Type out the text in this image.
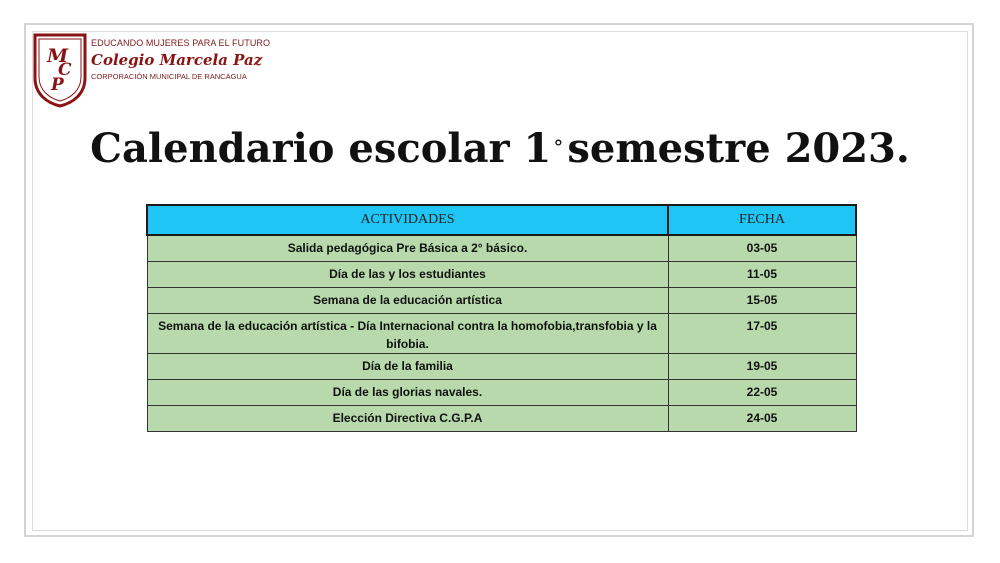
M
C
P
EDUCANDO MUJERES PARA EL FUTURO
Colegio Marcela Paz
CORPORACIÓN MUNICIPAL DE RANCAGUA
Calendario escolar 1 ° semestre 2023.
ACTIVIDADES	FECHA
Salida pedagógica Pre Básica a 2° básico.	03-05
Día de las y los estudiantes	11-05
Semana de la educación artística	15-05
Semana de la educación artística - Día Internacional contra la homofobia,transfobia y la bifobia.	17-05
Día de la familia	19-05
Día de las glorias navales.	22-05
Elección Directiva C.G.P.A	24-05
